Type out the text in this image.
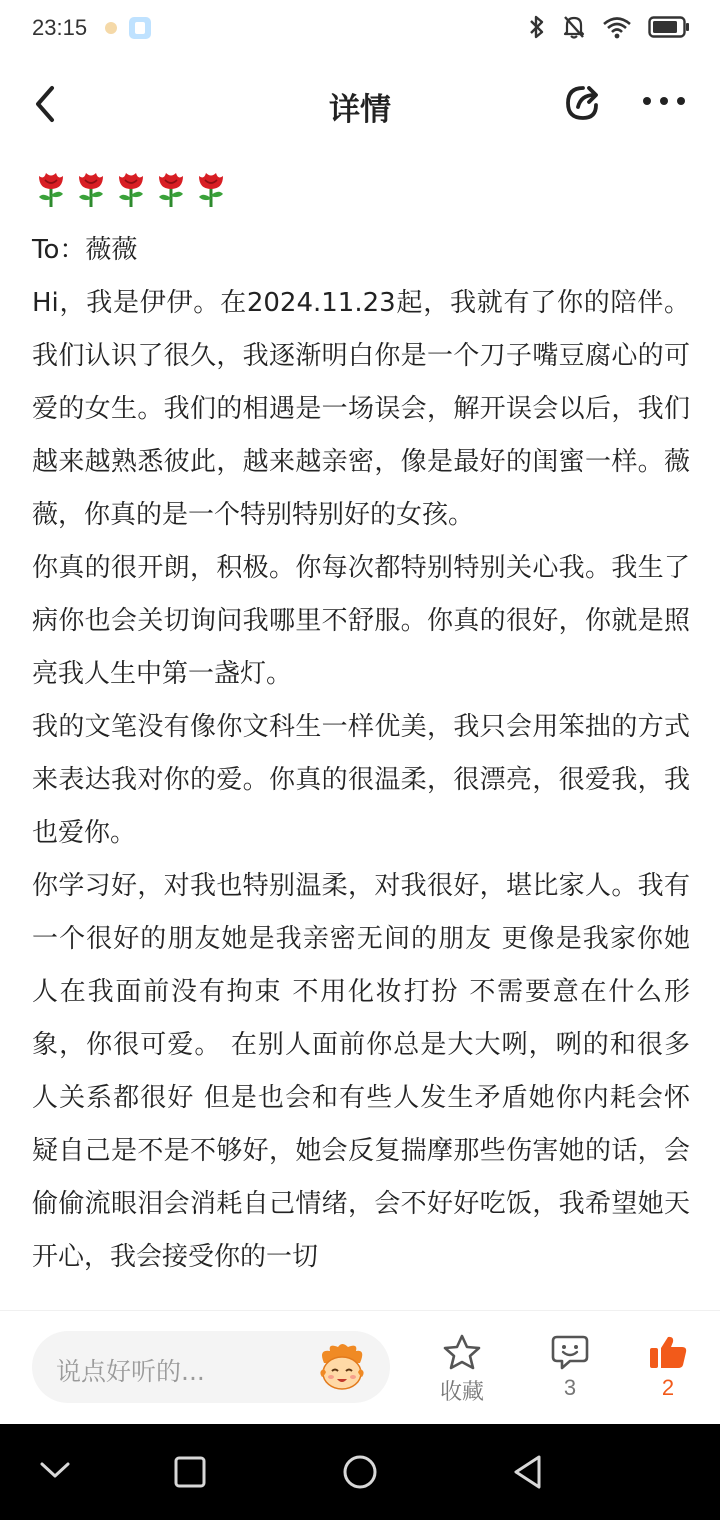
23:15
详情

To：薇薇

Hi，我是伊伊。在2024.11.23起，我就有了你的陪伴。我们认识了很久，我逐渐明白你是一个刀子嘴豆腐心的可爱的女生。我们的相遇是一场误会，解开误会以后，我们越来越熟悉彼此，越来越亲密，像是最好的闺蜜一样。薇薇，你真的是一个特别特别好的女孩。

你真的很开朗，积极。你每次都特别特别关心我。我生了病你也会关切询问我哪里不舒服。你真的很好，你就是照亮我人生中第一盏灯。

我的文笔没有像你文科生一样优美，我只会用笨拙的方式来表达我对你的爱。你真的很温柔，很漂亮，很爱我，我也爱你。

你学习好，对我也特别温柔，对我很好，堪比家人。我有一个很好的朋友她是我亲密无间的朋友 更像是我家你她人在我面前没有拘束 不用化妆打扮 不需要意在什么形象，你很可爱。 在别人面前你总是大大咧，咧的和很多人关系都很好 但是也会和有些人发生矛盾她你内耗会怀疑自己是不是不够好，她会反复揣摩那些伤害她的话，会偷偷流眼泪会消耗自己情绪，会不好好吃饭，我希望她天开心，我会接受你的一切

说点好听的...
收藏	3	2
